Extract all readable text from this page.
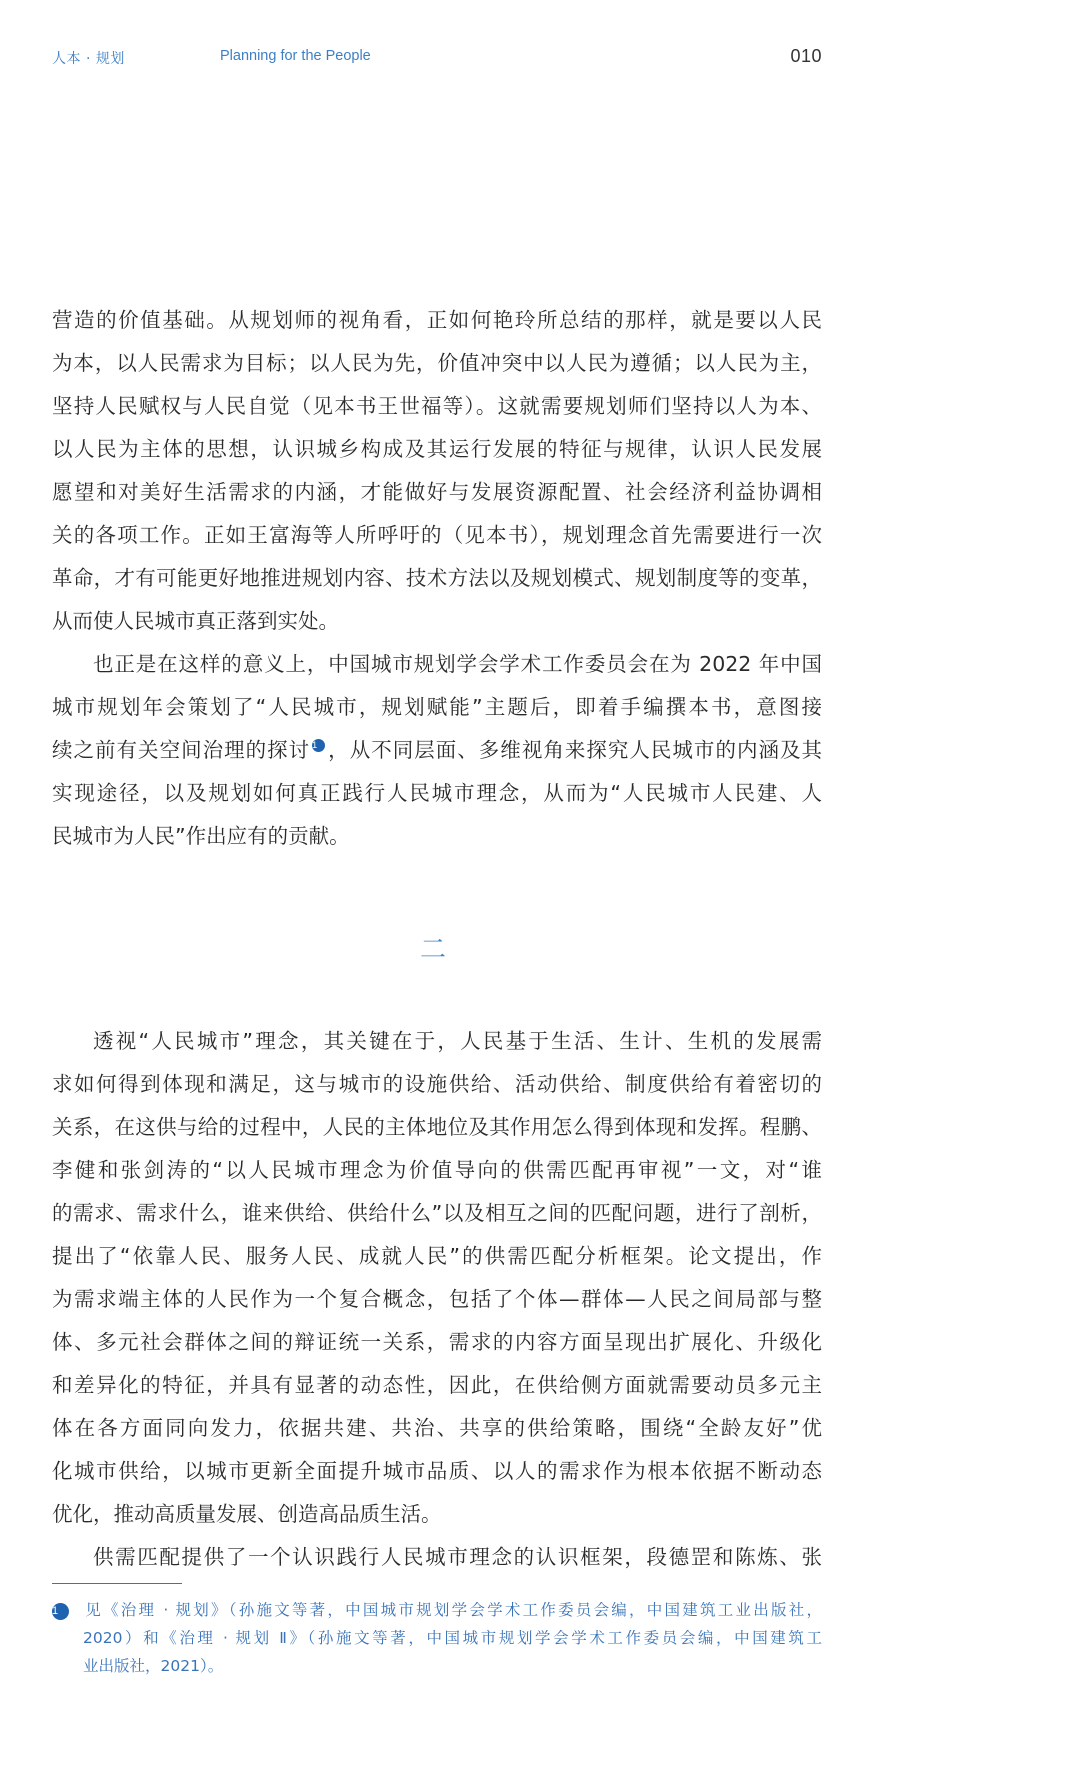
人本 · 规划	Planning for the People	010
营造的价值基础。从规划师的视角看，正如何艳玲所总结的那样，就是要以人民
为本，以人民需求为目标；以人民为先，价值冲突中以人民为遵循；以人民为主，
坚持人民赋权与人民自觉（见本书王世福等）。这就需要规划师们坚持以人为本、
以人民为主体的思想，认识城乡构成及其运行发展的特征与规律，认识人民发展
愿望和对美好生活需求的内涵，才能做好与发展资源配置、社会经济利益协调相
关的各项工作。正如王富海等人所呼吁的（见本书），规划理念首先需要进行一次
革命，才有可能更好地推进规划内容、技术方法以及规划模式、规划制度等的变革，
从而使人民城市真正落到实处。
也正是在这样的意义上，中国城市规划学会学术工作委员会在为 2022 年中国
城市规划年会策划了“人民城市，规划赋能”主题后，即着手编撰本书，意图接
续之前有关空间治理的探讨 1 ，从不同层面、多维视角来探究人民城市的内涵及其
实现途径，以及规划如何真正践行人民城市理念，从而为“人民城市人民建、人
民城市为人民”作出应有的贡献。
二
透视“人民城市”理念，其关键在于，人民基于生活、生计、生机的发展需
求如何得到体现和满足，这与城市的设施供给、活动供给、制度供给有着密切的
关系，在这供与给的过程中，人民的主体地位及其作用怎么得到体现和发挥。程鹏、
李健和张剑涛的“以人民城市理念为价值导向的供需匹配再审视”一文，对“谁
的需求、需求什么，谁来供给、供给什么”以及相互之间的匹配问题，进行了剖析，
提出了“依靠人民、服务人民、成就人民”的供需匹配分析框架。论文提出，作
为需求端主体的人民作为一个复合概念，包括了个体—群体—人民之间局部与整
体、多元社会群体之间的辩证统一关系，需求的内容方面呈现出扩展化、升级化
和差异化的特征，并具有显著的动态性，因此，在供给侧方面就需要动员多元主
体在各方面同向发力，依据共建、共治、共享的供给策略，围绕“全龄友好”优
化城市供给，以城市更新全面提升城市品质、以人的需求作为根本依据不断动态
优化，推动高质量发展、创造高品质生活。
供需匹配提供了一个认识践行人民城市理念的认识框架，段德罡和陈炼、张
1 见《治理 · 规划》（孙施文等著，中国城市规划学会学术工作委员会编，中国建筑工业出版社，
2020）和《治理 · 规划 Ⅱ》（孙施文等著，中国城市规划学会学术工作委员会编，中国建筑工
业出版社，2021）。
